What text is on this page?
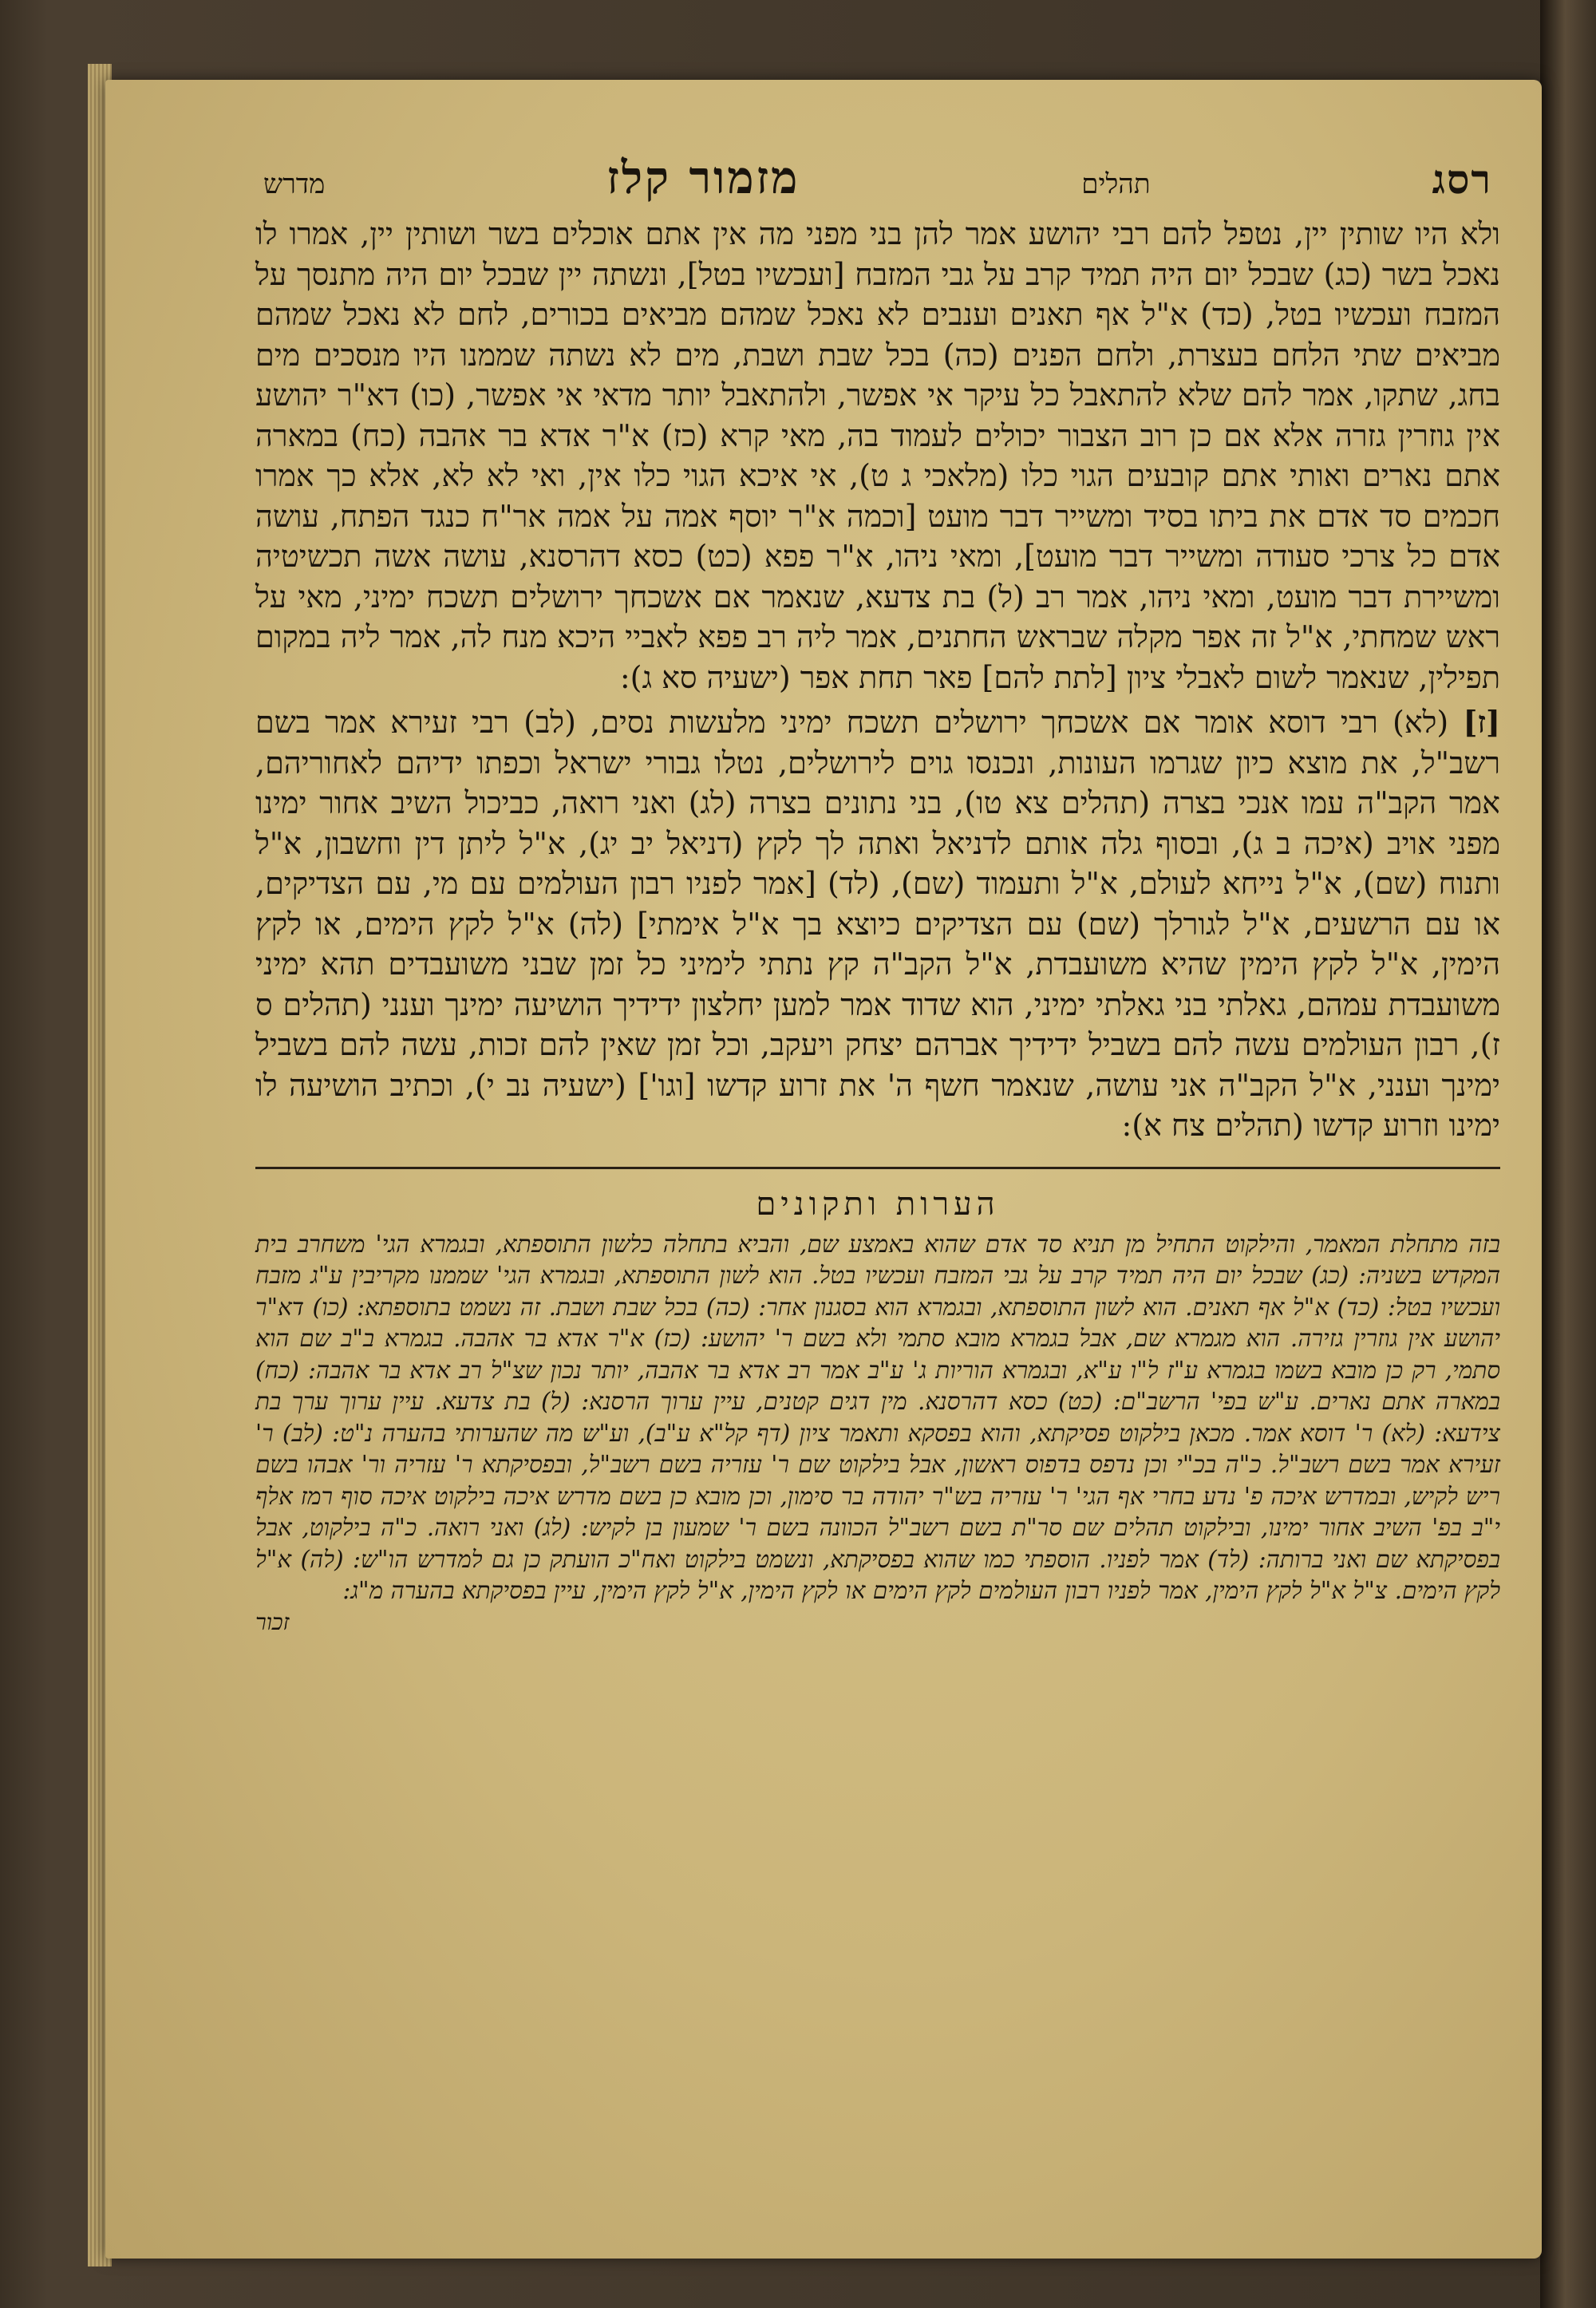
רסג
תהלים
מזמור קלז
מדרש

ולא היו שותין יין, נטפל להם רבי יהושע אמר להן בני מפני מה אין אתם אוכלים בשר ושותין יין, אמרו לו נאכל בשר (כג) שבכל יום היה תמיד קרב על גבי המזבח [ועכשיו בטל], ונשתה יין שבכל יום היה מתנסך על המזבח ועכשיו בטל, (כד) א"ל אף תאנים וענבים לא נאכל שמהם מביאים בכורים, לחם לא נאכל שמהם מביאים שתי הלחם בעצרת, ולחם הפנים (כה) בכל שבת ושבת, מים לא נשתה שממנו היו מנסכים מים בחג, שתקו, אמר להם שלא להתאבל כל עיקר אי אפשר, ולהתאבל יותר מדאי אי אפשר, (כו) דא"ר יהושע אין גוזרין גזרה אלא אם כן רוב הצבור יכולים לעמוד בה, מאי קרא (כז) א"ר אדא בר אהבה (כח) במארה אתם נארים ואותי אתם קובעים הגוי כלו (מלאכי ג ט), אי איכא הגוי כלו אין, ואי לא לא, אלא כך אמרו חכמים סד אדם את ביתו בסיד ומשייר דבר מועט [וכמה א"ר יוסף אמה על אמה אר"ח כנגד הפתח, עושה אדם כל צרכי סעודה ומשייר דבר מועט], ומאי ניהו, א"ר פפא (כט) כסא דהרסנא, עושה אשה תכשיטיה ומשיירת דבר מועט, ומאי ניהו, אמר רב (ל) בת צדעא, שנאמר אם אשכחך ירושלים תשכח ימיני, מאי על ראש שמחתי, א"ל זה אפר מקלה שבראש החתנים, אמר ליה רב פפא לאביי היכא מנח לה, אמר ליה במקום תפילין, שנאמר לשום לאבלי ציון [לתת להם] פאר תחת אפר (ישעיה סא ג):

[ז] (לא) רבי דוסא אומר אם אשכחך ירושלים תשכח ימיני מלעשות נסים, (לב) רבי זעירא אמר בשם רשב"ל, את מוצא כיון שגרמו העונות, ונכנסו גוים לירושלים, נטלו גבורי ישראל וכפתו ידיהם לאחוריהם, אמר הקב"ה עמו אנכי בצרה (תהלים צא טו), בני נתונים בצרה (לג) ואני רואה, כביכול השיב אחור ימינו מפני אויב (איכה ב ג), ובסוף גלה אותם לדניאל ואתה לך לקץ (דניאל יב יג), א"ל ליתן דין וחשבון, א"ל ותנוח (שם), א"ל נייחא לעולם, א"ל ותעמוד (שם), (לד) [אמר לפניו רבון העולמים עם מי, עם הצדיקים, או עם הרשעים, א"ל לגורלך (שם) עם הצדיקים כיוצא בך א"ל אימתי] (לה) א"ל לקץ הימים, או לקץ הימין, א"ל לקץ הימין שהיא משועבדת, א"ל הקב"ה קץ נתתי לימיני כל זמן שבני משועבדים תהא ימיני משועבדת עמהם, גאלתי בני גאלתי ימיני, הוא שדוד אמר למען יחלצון ידידיך הושיעה ימינך וענני (תהלים ס ז), רבון העולמים עשה להם בשביל ידידיך אברהם יצחק ויעקב, וכל זמן שאין להם זכות, עשה להם בשביל ימינך וענני, א"ל הקב"ה אני עושה, שנאמר חשף ה' את זרוע קדשו [וגו'] (ישעיה נב י), וכתיב הושיעה לו ימינו וזרוע קדשו (תהלים צח א):

הערות ותקונים

בזה מתחלת המאמר, והילקוט התחיל מן תניא סד אדם שהוא באמצע שם, והביא בתחלה כלשון התוספתא, ובגמרא הגי' משחרב בית המקדש בשניה: (כג) שבכל יום היה תמיד קרב על גבי המזבח ועכשיו בטל. הוא לשון התוספתא, ובגמרא הגי' שממנו מקריבין ע"ג מזבח ועכשיו בטל: (כד) א"ל אף תאנים. הוא לשון התוספתא, ובגמרא הוא בסגנון אחר: (כה) בכל שבת ושבת. זה נשמט בתוספתא: (כו) דא"ר יהושע אין גוזרין גזירה. הוא מגמרא שם, אבל בגמרא מובא סתמי ולא בשם ר' יהושע: (כז) א"ר אדא בר אהבה. בגמרא ב"ב שם הוא סתמי, רק כן מובא בשמו בגמרא ע"ז ל"ו ע"א, ובגמרא הוריות ג' ע"ב אמר רב אדא בר אהבה, יותר נכון שצ"ל רב אדא בר אהבה: (כח) במארה אתם נארים. ע"ש בפי' הרשב"ם: (כט) כסא דהרסנא. מין דגים קטנים, עיין ערוך הרסנא: (ל) בת צדעא. עיין ערוך ערך בת צידעא: (לא) ר' דוסא אמר. מכאן בילקוט פסיקתא, והוא בפסקא ותאמר ציון (דף קל"א ע"ב), וע"ש מה שהערותי בהערה נ"ט: (לב) ר' זעירא אמר בשם רשב"ל. כ"ה בכ"י וכן נדפס בדפוס ראשון, אבל בילקוט שם ר' עזריה בשם רשב"ל, ובפסיקתא ר' עזריה ור' אבהו בשם ריש לקיש, ובמדרש איכה פ' נדע בחרי אף הגי' ר' עזריה בש"ר יהודה בר סימון, וכן מובא כן בשם מדרש איכה בילקוט איכה סוף רמז אלף י"ב בפ' השיב אחור ימינו, ובילקוט תהלים שם סר"ת בשם רשב"ל הכוונה בשם ר' שמעון בן לקיש: (לג) ואני רואה. כ"ה בילקוט, אבל בפסיקתא שם ואני ברותה: (לד) אמר לפניו. הוספתי כמו שהוא בפסיקתא, ונשמט בילקוט ואח"כ הועתק כן גם למדרש הו"ש: (לה) א"ל לקץ הימים. צ"ל א"ל לקץ הימין, אמר לפניו רבון העולמים לקץ הימים או לקץ הימין, א"ל לקץ הימין, עיין בפסיקתא בהערה מ"ג:

זכור
